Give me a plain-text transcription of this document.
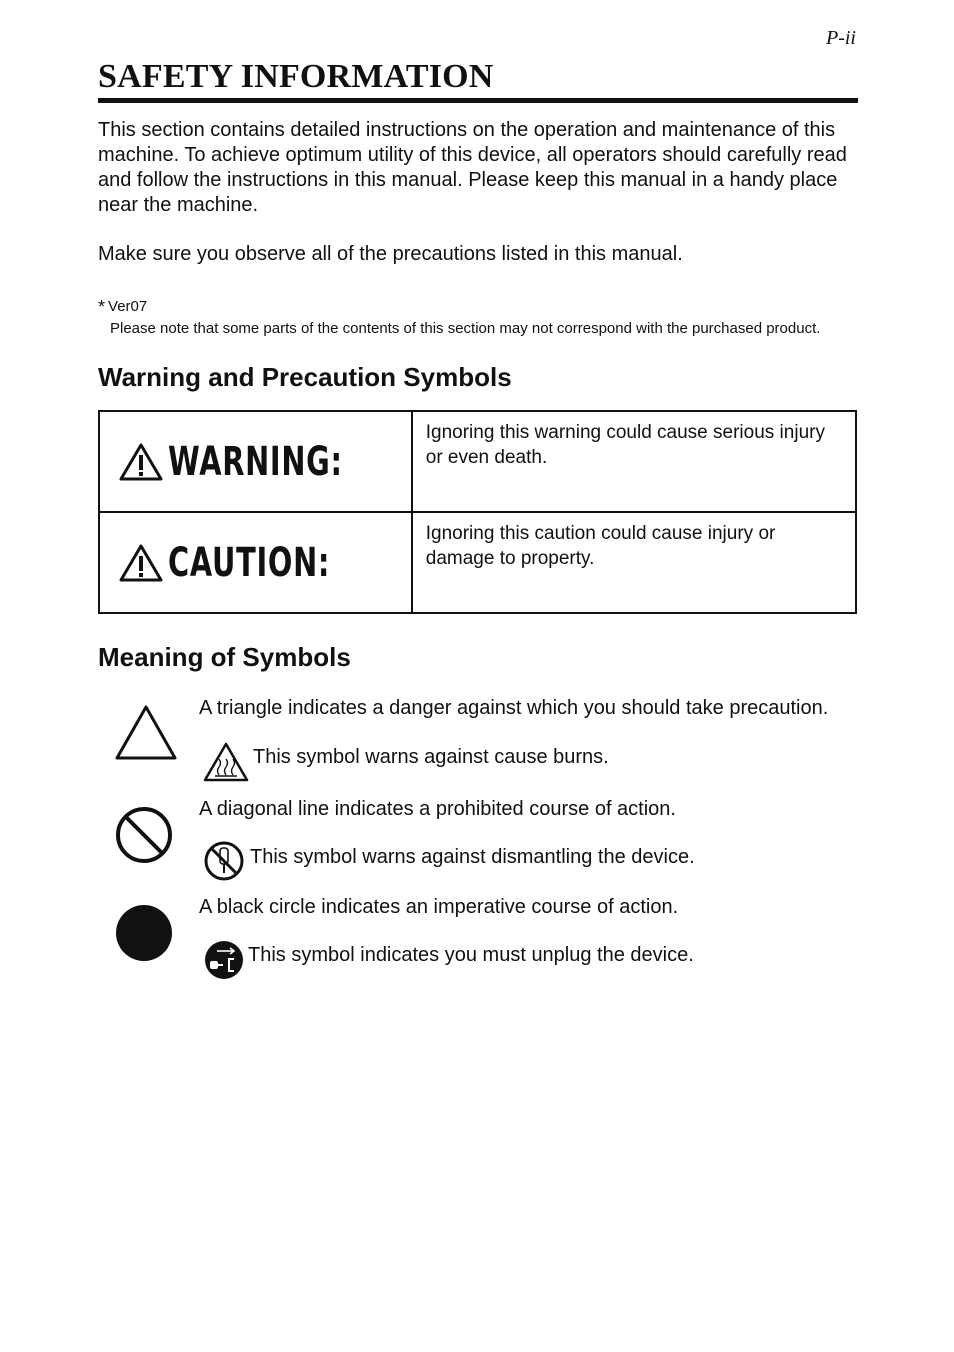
P-ii
SAFETY INFORMATION

This section contains detailed instructions on the operation and maintenance of this machine. To achieve optimum utility of this device, all operators should carefully read and follow the instructions in this manual. Please keep this manual in a handy place near the machine.

Make sure you observe all of the precautions listed in this manual.

* Ver07
Please note that some parts of the contents of this section may not correspond with the purchased product.
Warning and Precaution Symbols
WARNING:	Ignoring this warning could cause serious injury or even death.

CAUTION:	Ignoring this caution could cause injury or damage to property.
Meaning of Symbols
A triangle indicates a danger against which you should take precaution.
This symbol warns against cause burns.
A diagonal line indicates a prohibited course of action.
This symbol warns against dismantling the device.
A black circle indicates an imperative course of action.
This symbol indicates you must unplug the device.
